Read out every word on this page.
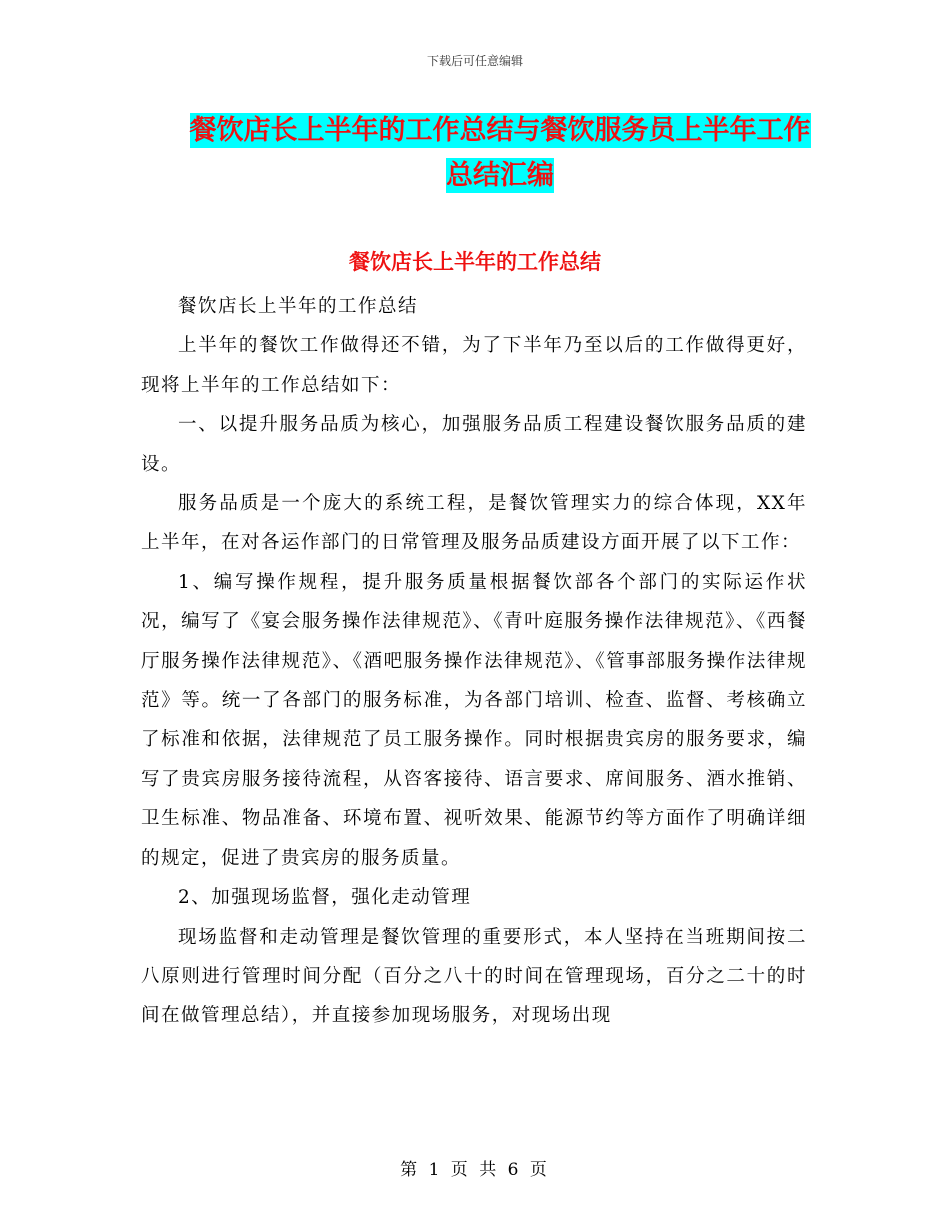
下载后可任意编辑
餐饮店长上半年的工作总结与餐饮服务员上半年工作
总结汇编
餐饮店长上半年的工作总结

餐饮店长上半年的工作总结

上半年的餐饮工作做得还不错，为了下半年乃至以后的工作做得更好，现将上半年的工作总结如下：

一、以提升服务品质为核心，加强服务品质工程建设餐饮服务品质的建设。

服务品质是一个庞大的系统工程，是餐饮管理实力的综合体现，XX年上半年，在对各运作部门的日常管理及服务品质建设方面开展了以下工作：

1、编写操作规程，提升服务质量根据餐饮部各个部门的实际运作状况，编写了《宴会服务操作法律规范》、《青叶庭服务操作法律规范》、《西餐厅服务操作法律规范》、《酒吧服务操作法律规范》、《管事部服务操作法律规范》等。统一了各部门的服务标准，为各部门培训、检查、监督、考核确立了标准和依据，法律规范了员工服务操作。同时根据贵宾房的服务要求，编写了贵宾房服务接待流程，从咨客接待、语言要求、席间服务、酒水推销、卫生标准、物品准备、环境布置、视听效果、能源节约等方面作了明确详细的规定，促进了贵宾房的服务质量。

2、加强现场监督，强化走动管理

现场监督和走动管理是餐饮管理的重要形式，本人坚持在当班期间按二八原则进行管理时间分配（百分之八十的时间在管理现场，百分之二十的时间在做管理总结），并直接参加现场服务，对现场出现

第 1 页 共 6 页
